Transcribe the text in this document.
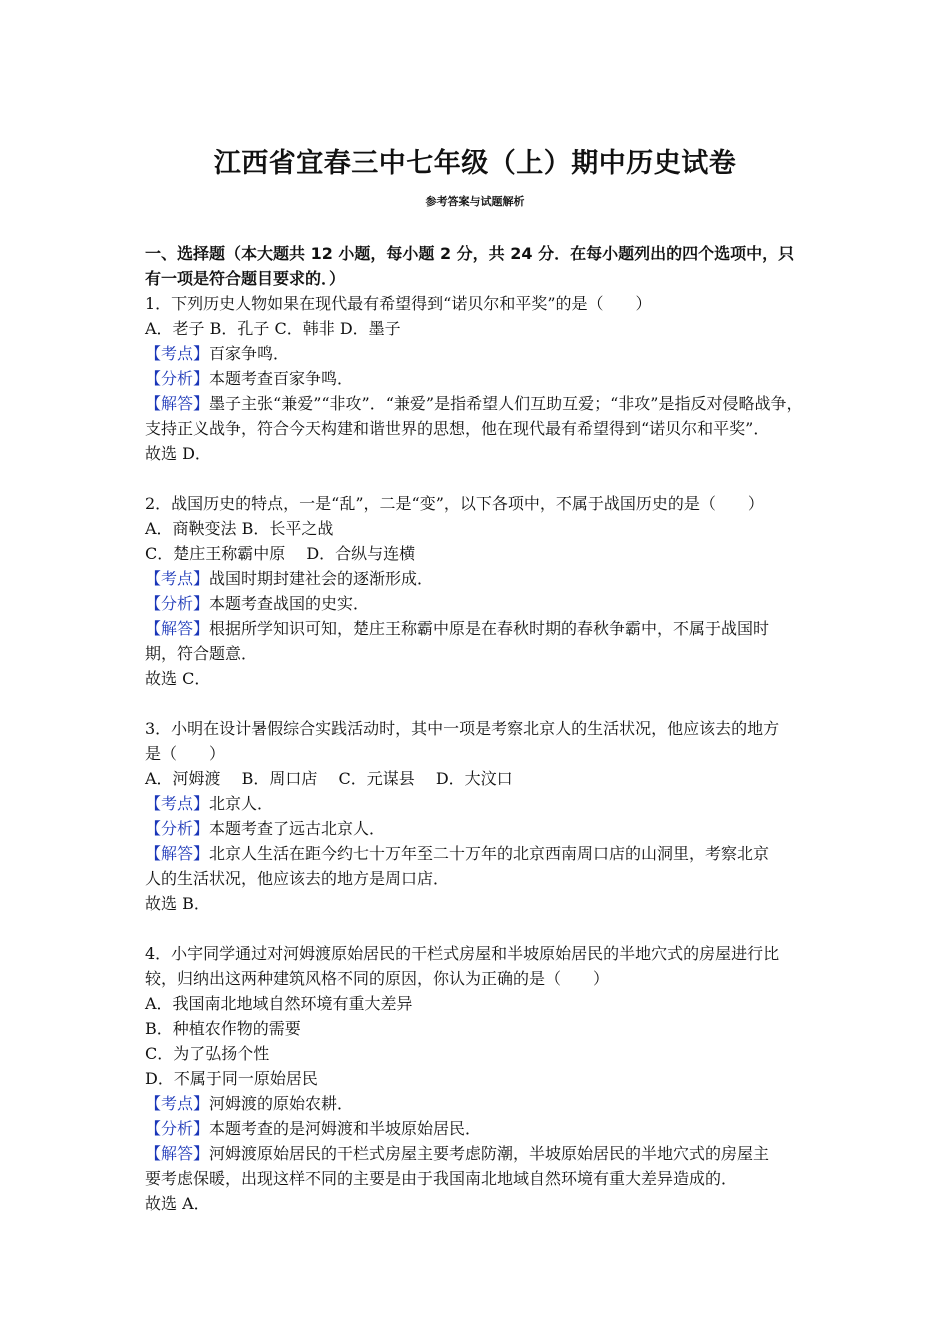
江西省宜春三中七年级（上）期中历史试卷
参考答案与试题解析
一、选择题（本大题共 12 小题，每小题 2 分，共 24 分．在每小题列出的四个选项中，只
有一项是符合题目要求的．）
1．下列历史人物如果在现代最有希望得到“诺贝尔和平奖”的是（　　）
A．老子 B．孔子 C．韩非 D．墨子
【考点】百家争鸣．
【分析】本题考查百家争鸣．
【解答】墨子主张“兼爱”“非攻”．“兼爱”是指希望人们互助互爱；“非攻”是指反对侵略战争，
支持正义战争，符合今天构建和谐世界的思想，他在现代最有希望得到“诺贝尔和平奖”．
故选 D．
2．战国历史的特点，一是“乱”，二是“变”，以下各项中，不属于战国历史的是（　　）
A．商鞅变法 B．长平之战
C．楚庄王称霸中原　 D．合纵与连横
【考点】战国时期封建社会的逐渐形成．
【分析】本题考查战国的史实．
【解答】根据所学知识可知，楚庄王称霸中原是在春秋时期的春秋争霸中，不属于战国时
期，符合题意．
故选 C．
3．小明在设计暑假综合实践活动时，其中一项是考察北京人的生活状况，他应该去的地方
是（　　）
A．河姆渡　 B．周口店　 C．元谋县　 D．大汶口
【考点】北京人．
【分析】本题考查了远古北京人．
【解答】北京人生活在距今约七十万年至二十万年的北京西南周口店的山洞里，考察北京
人的生活状况，他应该去的地方是周口店．
故选 B．
4．小宇同学通过对河姆渡原始居民的干栏式房屋和半坡原始居民的半地穴式的房屋进行比
较，归纳出这两种建筑风格不同的原因，你认为正确的是（　　）
A．我国南北地域自然环境有重大差异
B．种植农作物的需要
C．为了弘扬个性
D．不属于同一原始居民
【考点】河姆渡的原始农耕．
【分析】本题考查的是河姆渡和半坡原始居民．
【解答】河姆渡原始居民的干栏式房屋主要考虑防潮，半坡原始居民的半地穴式的房屋主
要考虑保暖，出现这样不同的主要是由于我国南北地域自然环境有重大差异造成的．
故选 A．
